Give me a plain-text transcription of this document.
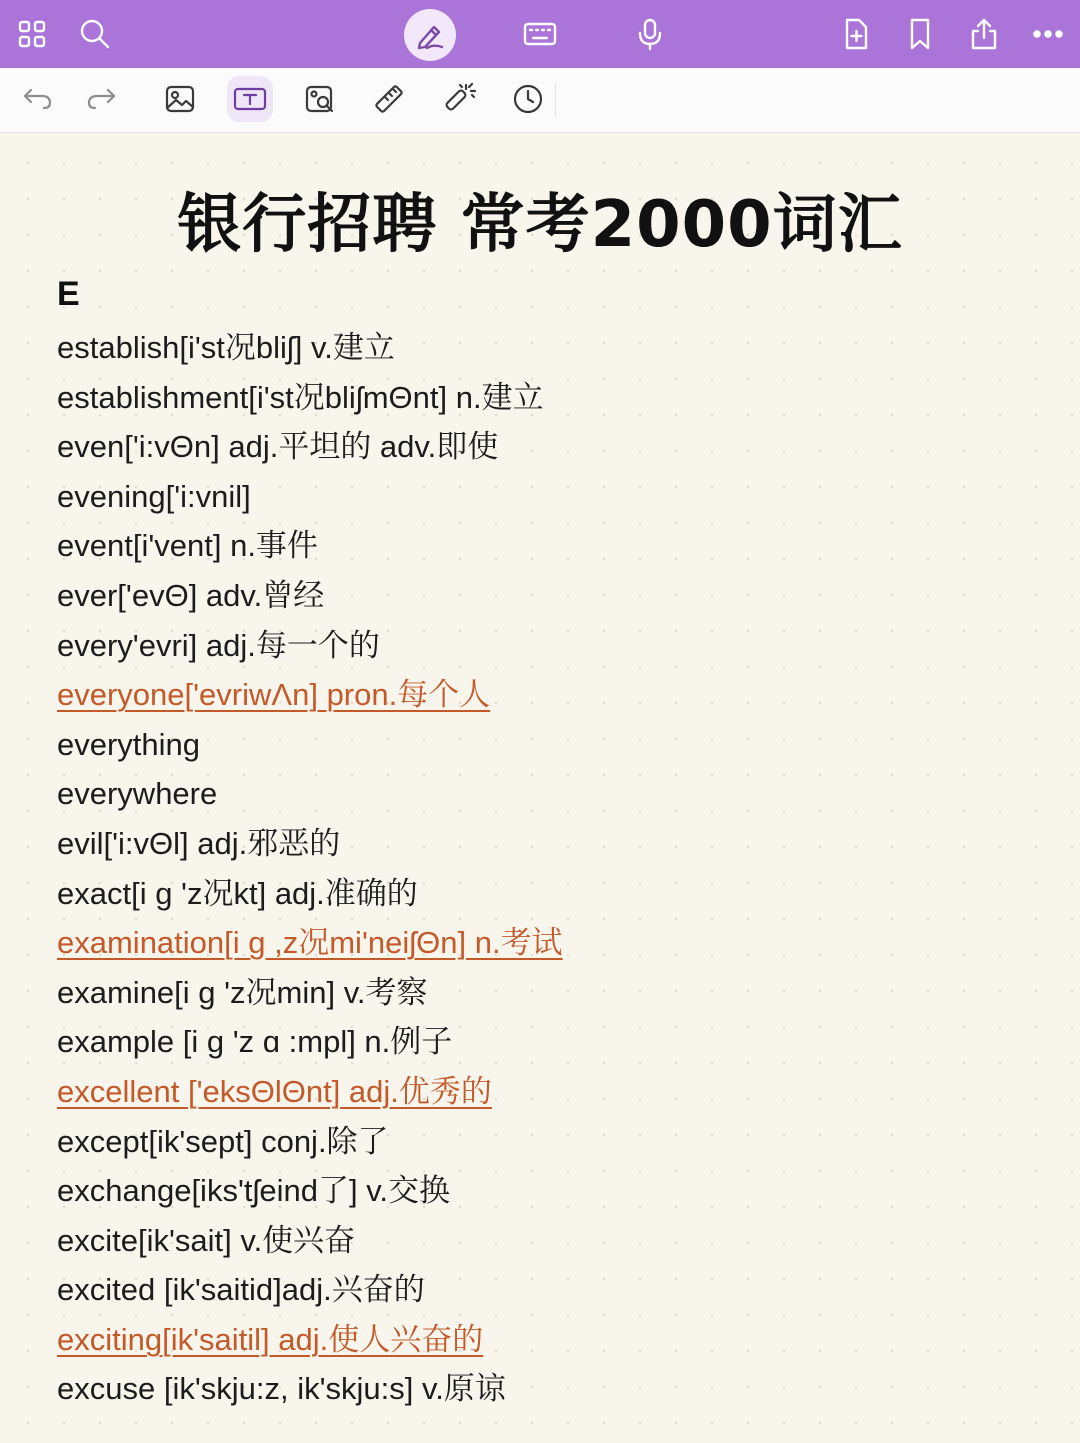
银行招聘 常考2000词汇
E
establish[i'st况bliʃ] v.建立
establishment[i'st况bliʃmΘnt] n.建立
even['i:vΘn] adj.平坦的 adv.即使
evening['i:vnil]
event[i'vent] n.事件
ever['evΘ] adv.曾经
every'evri] adj.每一个的
everyone['evriwΛn] pron.每个人
everything
everywhere
evil['i:vΘl] adj.邪恶的
exact[i g 'z况kt] adj.准确的
examination[i g ,z况mi'neiʃΘn] n.考试
examine[i g 'z况min] v.考察
example [i g 'z ɑ :mpl] n.例子
excellent ['eksΘlΘnt] adj.优秀的
except[ik'sept] conj.除了
exchange[iks'tʃeind了] v.交换
excite[ik'sait] v.使兴奋
excited [ik'saitid]adj.兴奋的
exciting[ik'saitil] adj.使人兴奋的
excuse [ik'skju:z, ik'skju:s] v.原谅
